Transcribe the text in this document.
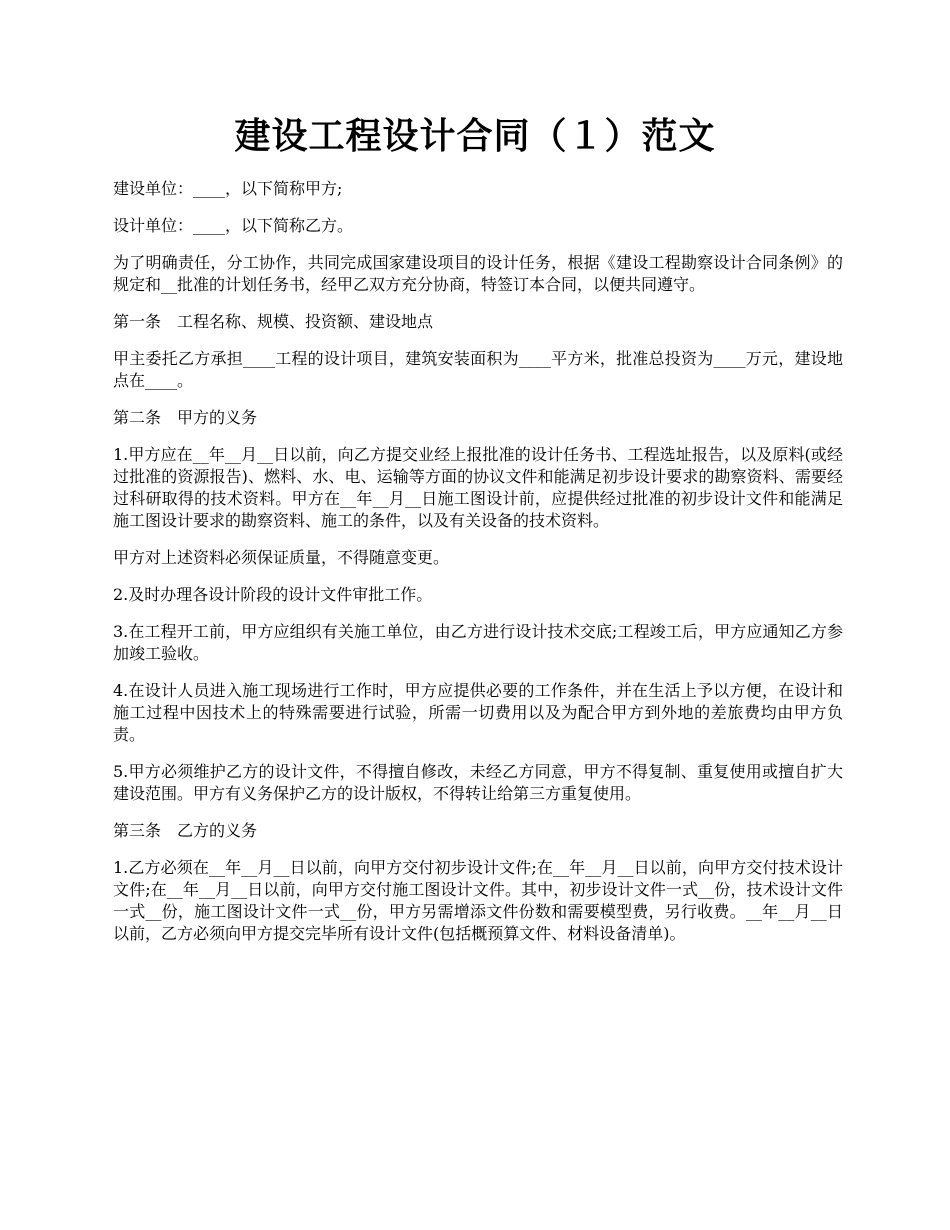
建设工程设计合同（１）范文

建设单位：____，以下简称甲方;

设计单位：____，以下简称乙方。

为了明确责任，分工协作，共同完成国家建设项目的设计任务，根据《建设工程勘察设计合同条例》的规定和__批准的计划任务书，经甲乙双方充分协商，特签订本合同，以便共同遵守。

第一条　工程名称、规模、投资额、建设地点

甲主委托乙方承担____工程的设计项目，建筑安装面积为____平方米，批准总投资为____万元，建设地点在____。

第二条　甲方的义务

1.甲方应在__年__月__日以前，向乙方提交业经上报批准的设计任务书、工程选址报告，以及原料(或经过批准的资源报告)、燃料、水、电、运输等方面的协议文件和能满足初步设计要求的勘察资料、需要经过科研取得的技术资料。甲方在__年__月__日施工图设计前，应提供经过批准的初步设计文件和能满足施工图设计要求的勘察资料、施工的条件，以及有关设备的技术资料。

甲方对上述资料必须保证质量，不得随意变更。

2.及时办理各设计阶段的设计文件审批工作。

3.在工程开工前，甲方应组织有关施工单位，由乙方进行设计技术交底;工程竣工后，甲方应通知乙方参加竣工验收。

4.在设计人员进入施工现场进行工作时，甲方应提供必要的工作条件，并在生活上予以方便，在设计和施工过程中因技术上的特殊需要进行试验，所需一切费用以及为配合甲方到外地的差旅费均由甲方负责。

5.甲方必须维护乙方的设计文件，不得擅自修改，未经乙方同意，甲方不得复制、重复使用或擅自扩大建设范围。甲方有义务保护乙方的设计版权，不得转让给第三方重复使用。

第三条　乙方的义务

1.乙方必须在__年__月__日以前，向甲方交付初步设计文件;在__年__月__日以前，向甲方交付技术设计文件;在__年__月__日以前，向甲方交付施工图设计文件。其中，初步设计文件一式__份，技术设计文件一式__份，施工图设计文件一式__份，甲方另需增添文件份数和需要模型费，另行收费。__年__月__日以前，乙方必须向甲方提交完毕所有设计文件(包括概预算文件、材料设备清单)。
